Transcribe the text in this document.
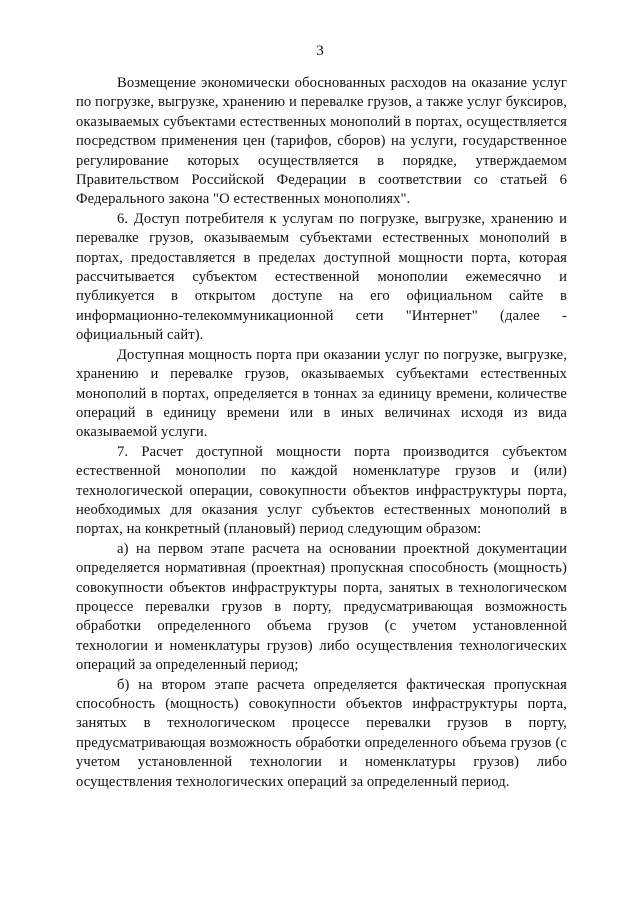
3

Возмещение экономически обоснованных расходов на оказание услуг по погрузке, выгрузке, хранению и перевалке грузов, а также услуг буксиров, оказываемых субъектами естественных монополий в портах, осуществляется посредством применения цен (тарифов, сборов) на услуги, государственное регулирование которых осуществляется в порядке, утверждаемом Правительством Российской Федерации в соответствии со статьей 6 Федерального закона "О естественных монополиях".

6. Доступ потребителя к услугам по погрузке, выгрузке, хранению и перевалке грузов, оказываемым субъектами естественных монополий в портах, предоставляется в пределах доступной мощности порта, которая рассчитывается субъектом естественной монополии ежемесячно и публикуется в открытом доступе на его официальном сайте в информационно-телекоммуникационной сети "Интернет" (далее - официальный сайт).

Доступная мощность порта при оказании услуг по погрузке, выгрузке, хранению и перевалке грузов, оказываемых субъектами естественных монополий в портах, определяется в тоннах за единицу времени, количестве операций в единицу времени или в иных величинах исходя из вида оказываемой услуги.

7. Расчет доступной мощности порта производится субъектом естественной монополии по каждой номенклатуре грузов и (или) технологической операции, совокупности объектов инфраструктуры порта, необходимых для оказания услуг субъектов естественных монополий в портах, на конкретный (плановый) период следующим образом:

а) на первом этапе расчета на основании проектной документации определяется нормативная (проектная) пропускная способность (мощность) совокупности объектов инфраструктуры порта, занятых в технологическом процессе перевалки грузов в порту, предусматривающая возможность обработки определенного объема грузов (с учетом установленной технологии и номенклатуры грузов) либо осуществления технологических операций за определенный период;

б) на втором этапе расчета определяется фактическая пропускная способность (мощность) совокупности объектов инфраструктуры порта, занятых в технологическом процессе перевалки грузов в порту, предусматривающая возможность обработки определенного объема грузов (с учетом установленной технологии и номенклатуры грузов) либо осуществления технологических операций за определенный период.
